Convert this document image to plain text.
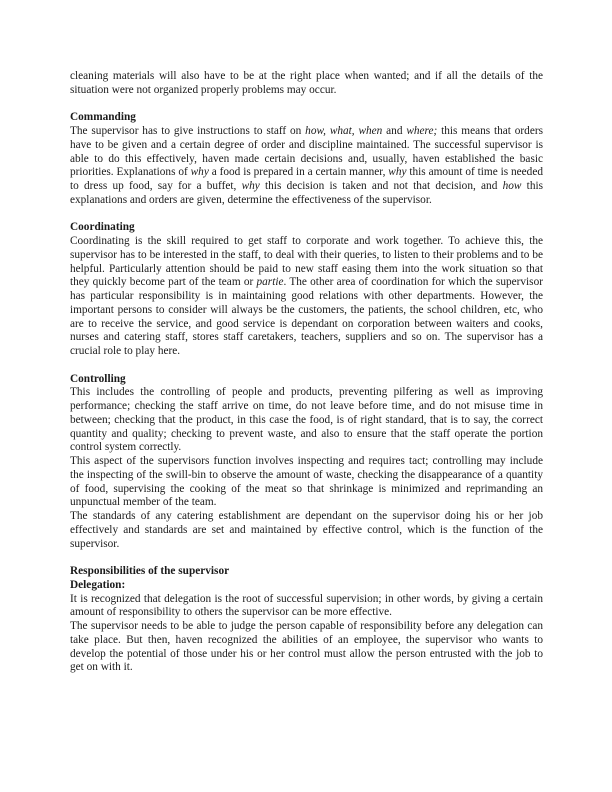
cleaning materials will also have to be at the right place when wanted; and if all the details of the situation were not organized properly problems may occur.

Commanding

The supervisor has to give instructions to staff on how, what, when and where; this means that orders have to be given and a certain degree of order and discipline maintained. The successful supervisor is able to do this effectively, haven made certain decisions and, usually, haven established the basic priorities. Explanations of why a food is prepared in a certain manner, why this amount of time is needed to dress up food, say for a buffet, why this decision is taken and not that decision, and how this explanations and orders are given, determine the effectiveness of the supervisor.

Coordinating

Coordinating is the skill required to get staff to corporate and work together. To achieve this, the supervisor has to be interested in the staff, to deal with their queries, to listen to their problems and to be helpful. Particularly attention should be paid to new staff easing them into the work situation so that they quickly become part of the team or partie. The other area of coordination for which the supervisor has particular responsibility is in maintaining good relations with other departments. However, the important persons to consider will always be the customers, the patients, the school children, etc, who are to receive the service, and good service is dependant on corporation between waiters and cooks, nurses and catering staff, stores staff caretakers, teachers, suppliers and so on. The supervisor has a crucial role to play here.

Controlling

This includes the controlling of people and products, preventing pilfering as well as improving performance; checking the staff arrive on time, do not leave before time, and do not misuse time in between; checking that the product, in this case the food, is of right standard, that is to say, the correct quantity and quality; checking to prevent waste, and also to ensure that the staff operate the portion control system correctly.

This aspect of the supervisors function involves inspecting and requires tact; controlling may include the inspecting of the swill-bin to observe the amount of waste, checking the disappearance of a quantity of food, supervising the cooking of the meat so that shrinkage is minimized and reprimanding an unpunctual member of the team.

The standards of any catering establishment are dependant on the supervisor doing his or her job effectively and standards are set and maintained by effective control, which is the function of the supervisor.

Responsibilities of the supervisor

Delegation:

It is recognized that delegation is the root of successful supervision; in other words, by giving a certain amount of responsibility to others the supervisor can be more effective.

The supervisor needs to be able to judge the person capable of responsibility before any delegation can take place. But then, haven recognized the abilities of an employee, the supervisor who wants to develop the potential of those under his or her control must allow the person entrusted with the job to get on with it.
